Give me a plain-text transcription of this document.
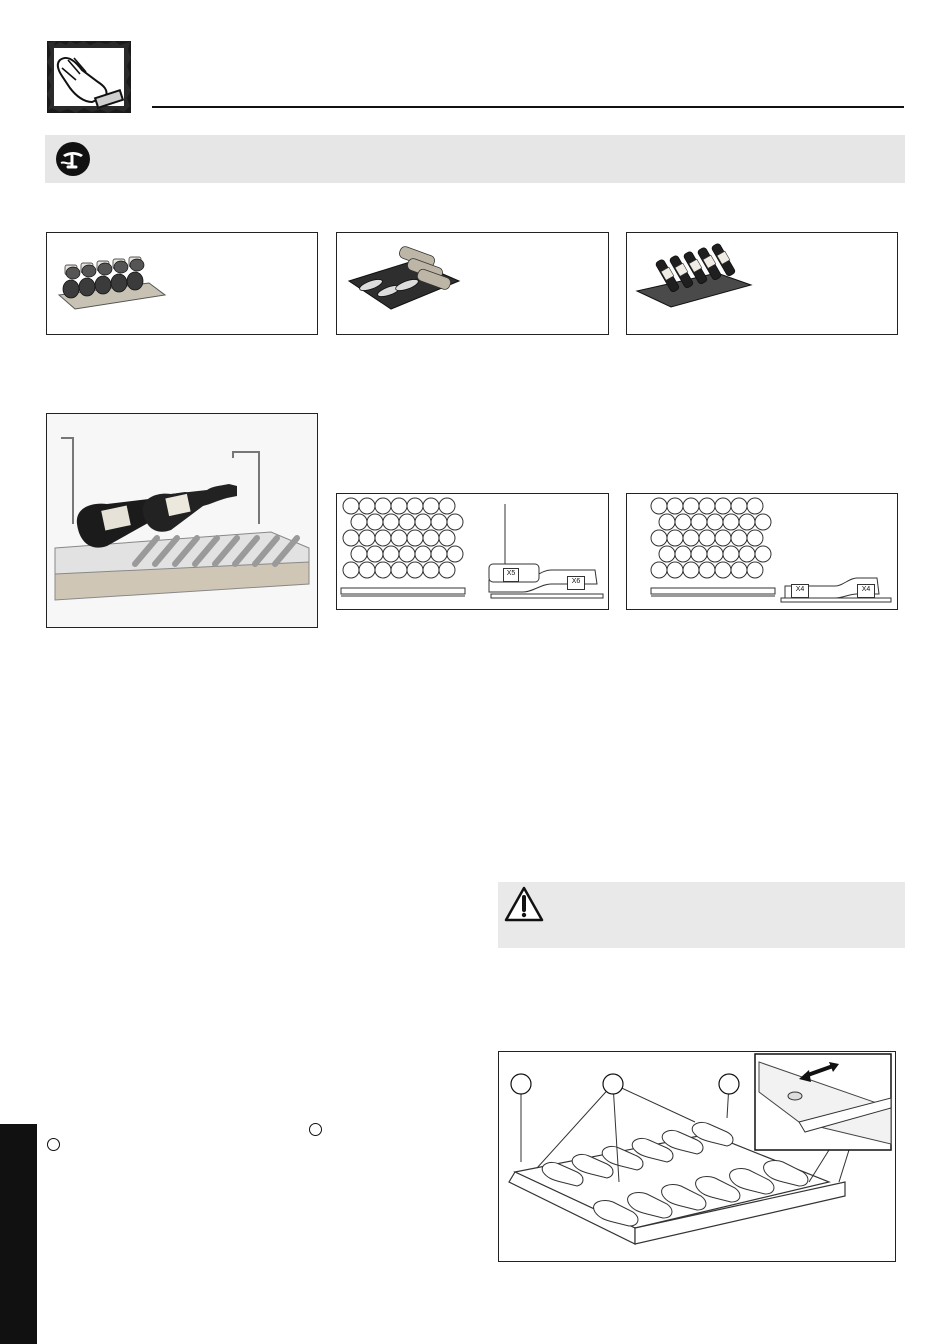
X5
X6
X4	X4
